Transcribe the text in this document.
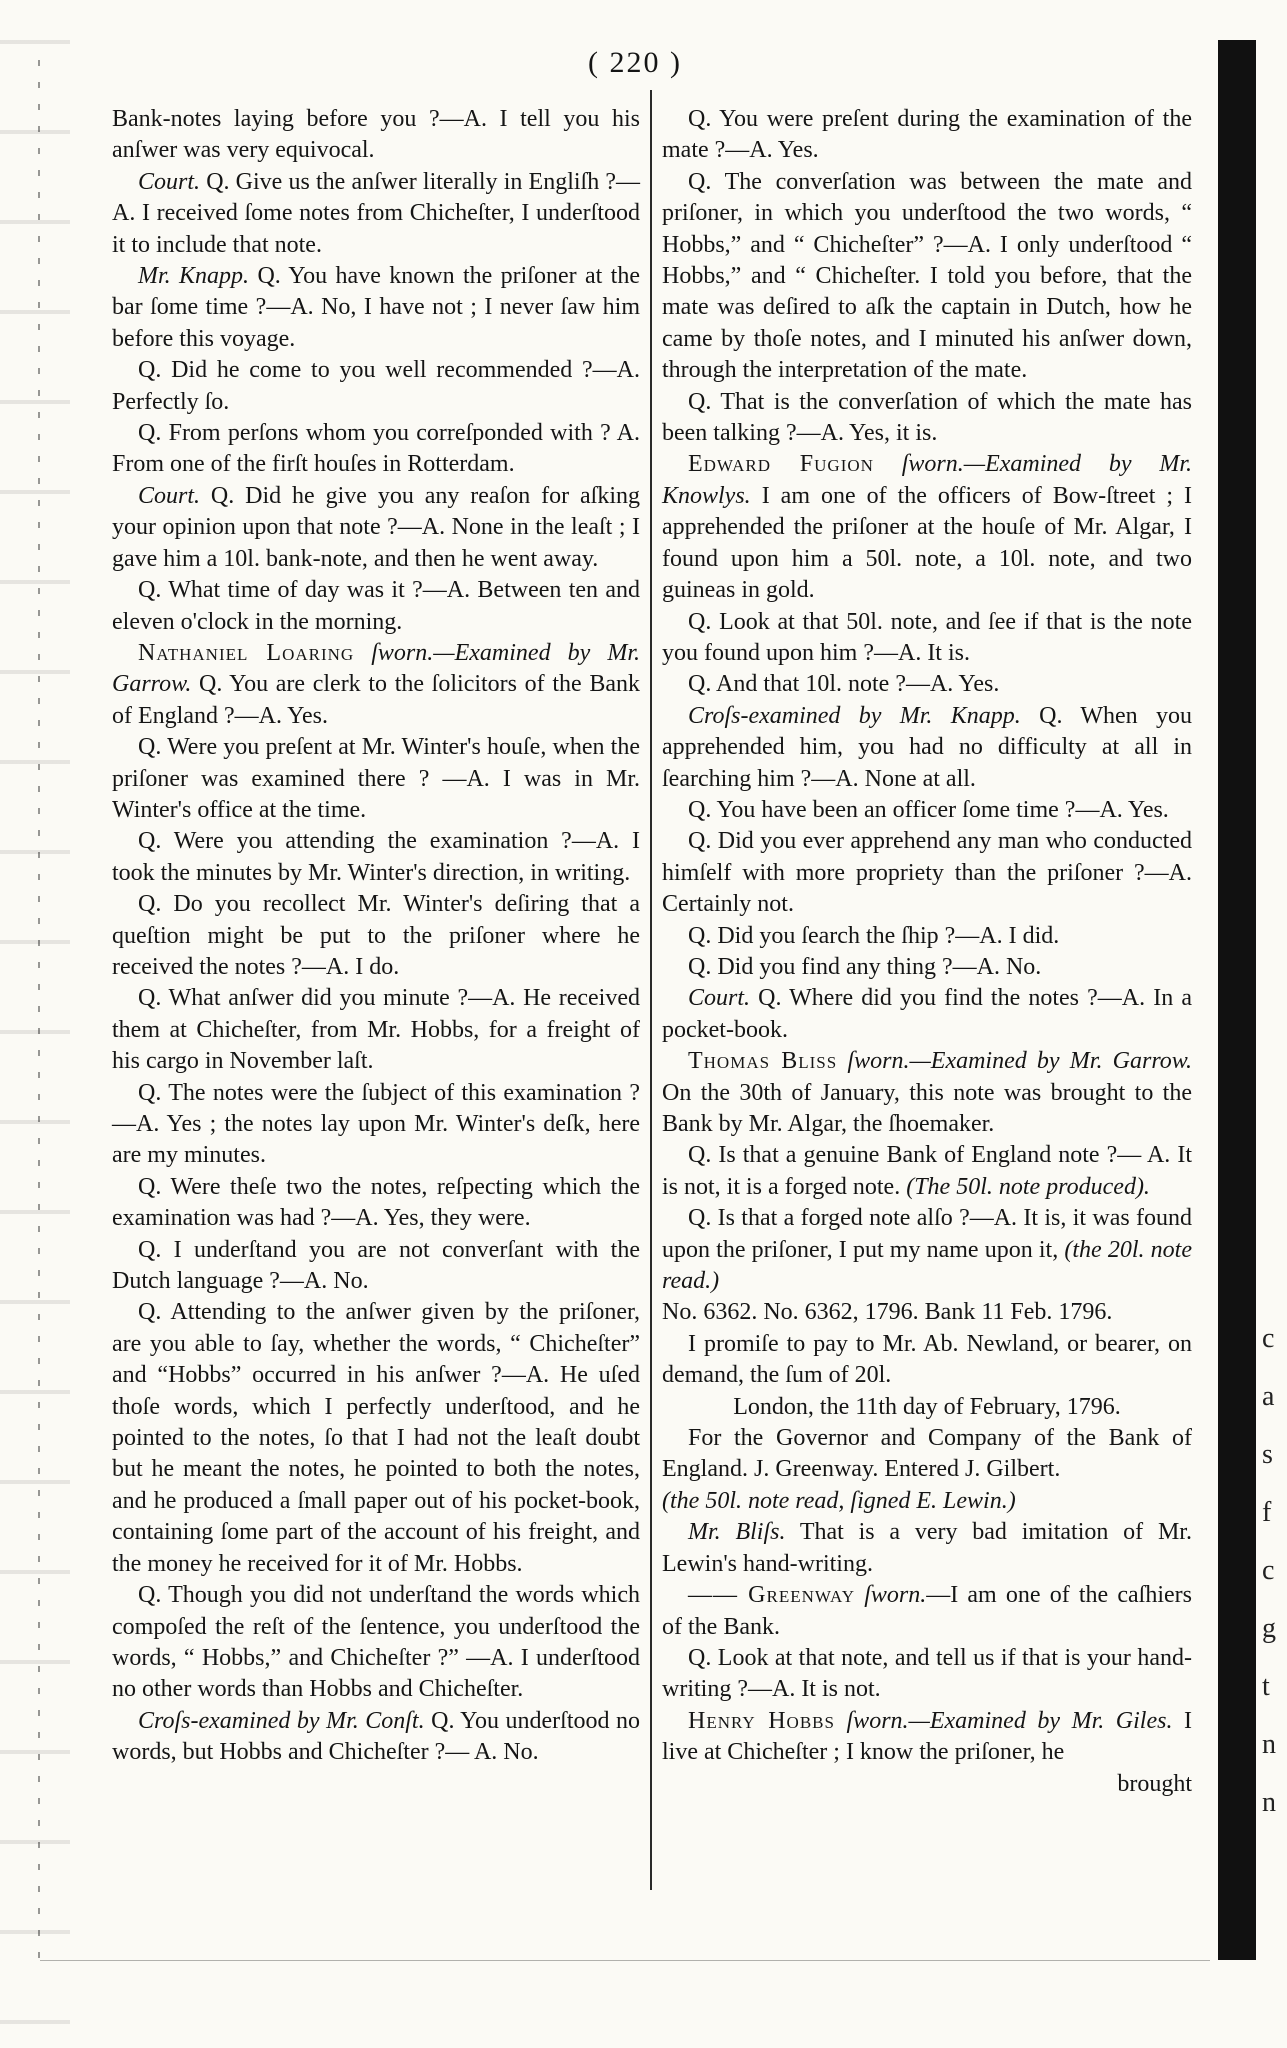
c
a
s
f
c
g
t
n
n
( 220 )

Bank-notes laying before you ?—A. I tell you his anſwer was very equivocal.

Court. Q. Give us the anſwer literally in Engliſh ?—A. I received ſome notes from Chicheſter, I underſtood it to include that note.

Mr. Knapp. Q. You have known the priſoner at the bar ſome time ?—A. No, I have not ; I never ſaw him before this voyage.

Q. Did he come to you well recommended ?—A. Perfectly ſo.

Q. From perſons whom you correſponded with ? A. From one of the firſt houſes in Rotterdam.

Court. Q. Did he give you any reaſon for aſking your opinion upon that note ?—A. None in the leaſt ; I gave him a 10l. bank-note, and then he went away.

Q. What time of day was it ?—A. Between ten and eleven o'clock in the morning.

Nathaniel Loaring ſworn.—Examined by Mr. Garrow. Q. You are clerk to the ſolicitors of the Bank of England ?—A. Yes.

Q. Were you preſent at Mr. Winter's houſe, when the priſoner was examined there ? —A. I was in Mr. Winter's office at the time.

Q. Were you attending the examination ?—A. I took the minutes by Mr. Winter's direction, in writing.

Q. Do you recollect Mr. Winter's deſiring that a queſtion might be put to the priſoner where he received the notes ?—A. I do.

Q. What anſwer did you minute ?—A. He received them at Chicheſter, from Mr. Hobbs, for a freight of his cargo in November laſt.

Q. The notes were the ſubject of this examination ?—A. Yes ; the notes lay upon Mr. Winter's deſk, here are my minutes.

Q. Were theſe two the notes, reſpecting which the examination was had ?—A. Yes, they were.

Q. I underſtand you are not converſant with the Dutch language ?—A. No.

Q. Attending to the anſwer given by the priſoner, are you able to ſay, whether the words, “ Chicheſter” and “Hobbs” occurred in his anſwer ?—A. He uſed thoſe words, which I perfectly underſtood, and he pointed to the notes, ſo that I had not the leaſt doubt but he meant the notes, he pointed to both the notes, and he produced a ſmall paper out of his pocket-book, containing ſome part of the account of his freight, and the money he received for it of Mr. Hobbs.

Q. Though you did not underſtand the words which compoſed the reſt of the ſentence, you underſtood the words, “ Hobbs,” and Chicheſter ?” —A. I underſtood no other words than Hobbs and Chicheſter.

Croſs-examined by Mr. Conſt. Q. You underſtood no words, but Hobbs and Chicheſter ?— A. No.

Q. You were preſent during the examination of the mate ?—A. Yes.

Q. The converſation was between the mate and priſoner, in which you underſtood the two words, “ Hobbs,” and “ Chicheſter” ?—A. I only underſtood “ Hobbs,” and “ Chicheſter. I told you before, that the mate was deſired to aſk the captain in Dutch, how he came by thoſe notes, and I minuted his anſwer down, through the interpretation of the mate.

Q. That is the converſation of which the mate has been talking ?—A. Yes, it is.

Edward Fugion ſworn.—Examined by Mr. Knowlys. I am one of the officers of Bow-ſtreet ; I apprehended the priſoner at the houſe of Mr. Algar, I found upon him a 50l. note, a 10l. note, and two guineas in gold.

Q. Look at that 50l. note, and ſee if that is the note you found upon him ?—A. It is.

Q. And that 10l. note ?—A. Yes.

Croſs-examined by Mr. Knapp. Q. When you apprehended him, you had no difficulty at all in ſearching him ?—A. None at all.

Q. You have been an officer ſome time ?—A. Yes.

Q. Did you ever apprehend any man who conducted himſelf with more propriety than the priſoner ?—A. Certainly not.

Q. Did you ſearch the ſhip ?—A. I did.

Q. Did you find any thing ?—A. No.

Court. Q. Where did you find the notes ?—A. In a pocket-book.

Thomas Bliss ſworn.—Examined by Mr. Garrow. On the 30th of January, this note was brought to the Bank by Mr. Algar, the ſhoemaker.

Q. Is that a genuine Bank of England note ?— A. It is not, it is a forged note. (The 50l. note produced).

Q. Is that a forged note alſo ?—A. It is, it was found upon the priſoner, I put my name upon it, (the 20l. note read.)

No. 6362. No. 6362, 1796. Bank 11 Feb. 1796.

I promiſe to pay to Mr. Ab. Newland, or bearer, on demand, the ſum of 20l.

London, the 11th day of February, 1796.

For the Governor and Company of the Bank of England. J. Greenway. Entered J. Gilbert.

(the 50l. note read, ſigned E. Lewin.)

Mr. Bliſs. That is a very bad imitation of Mr. Lewin's hand-writing.

—— Greenway ſworn.—I am one of the caſhiers of the Bank.

Q. Look at that note, and tell us if that is your hand-writing ?—A. It is not.

Henry Hobbs ſworn.—Examined by Mr. Giles. I live at Chicheſter ; I know the priſoner, he

brought
